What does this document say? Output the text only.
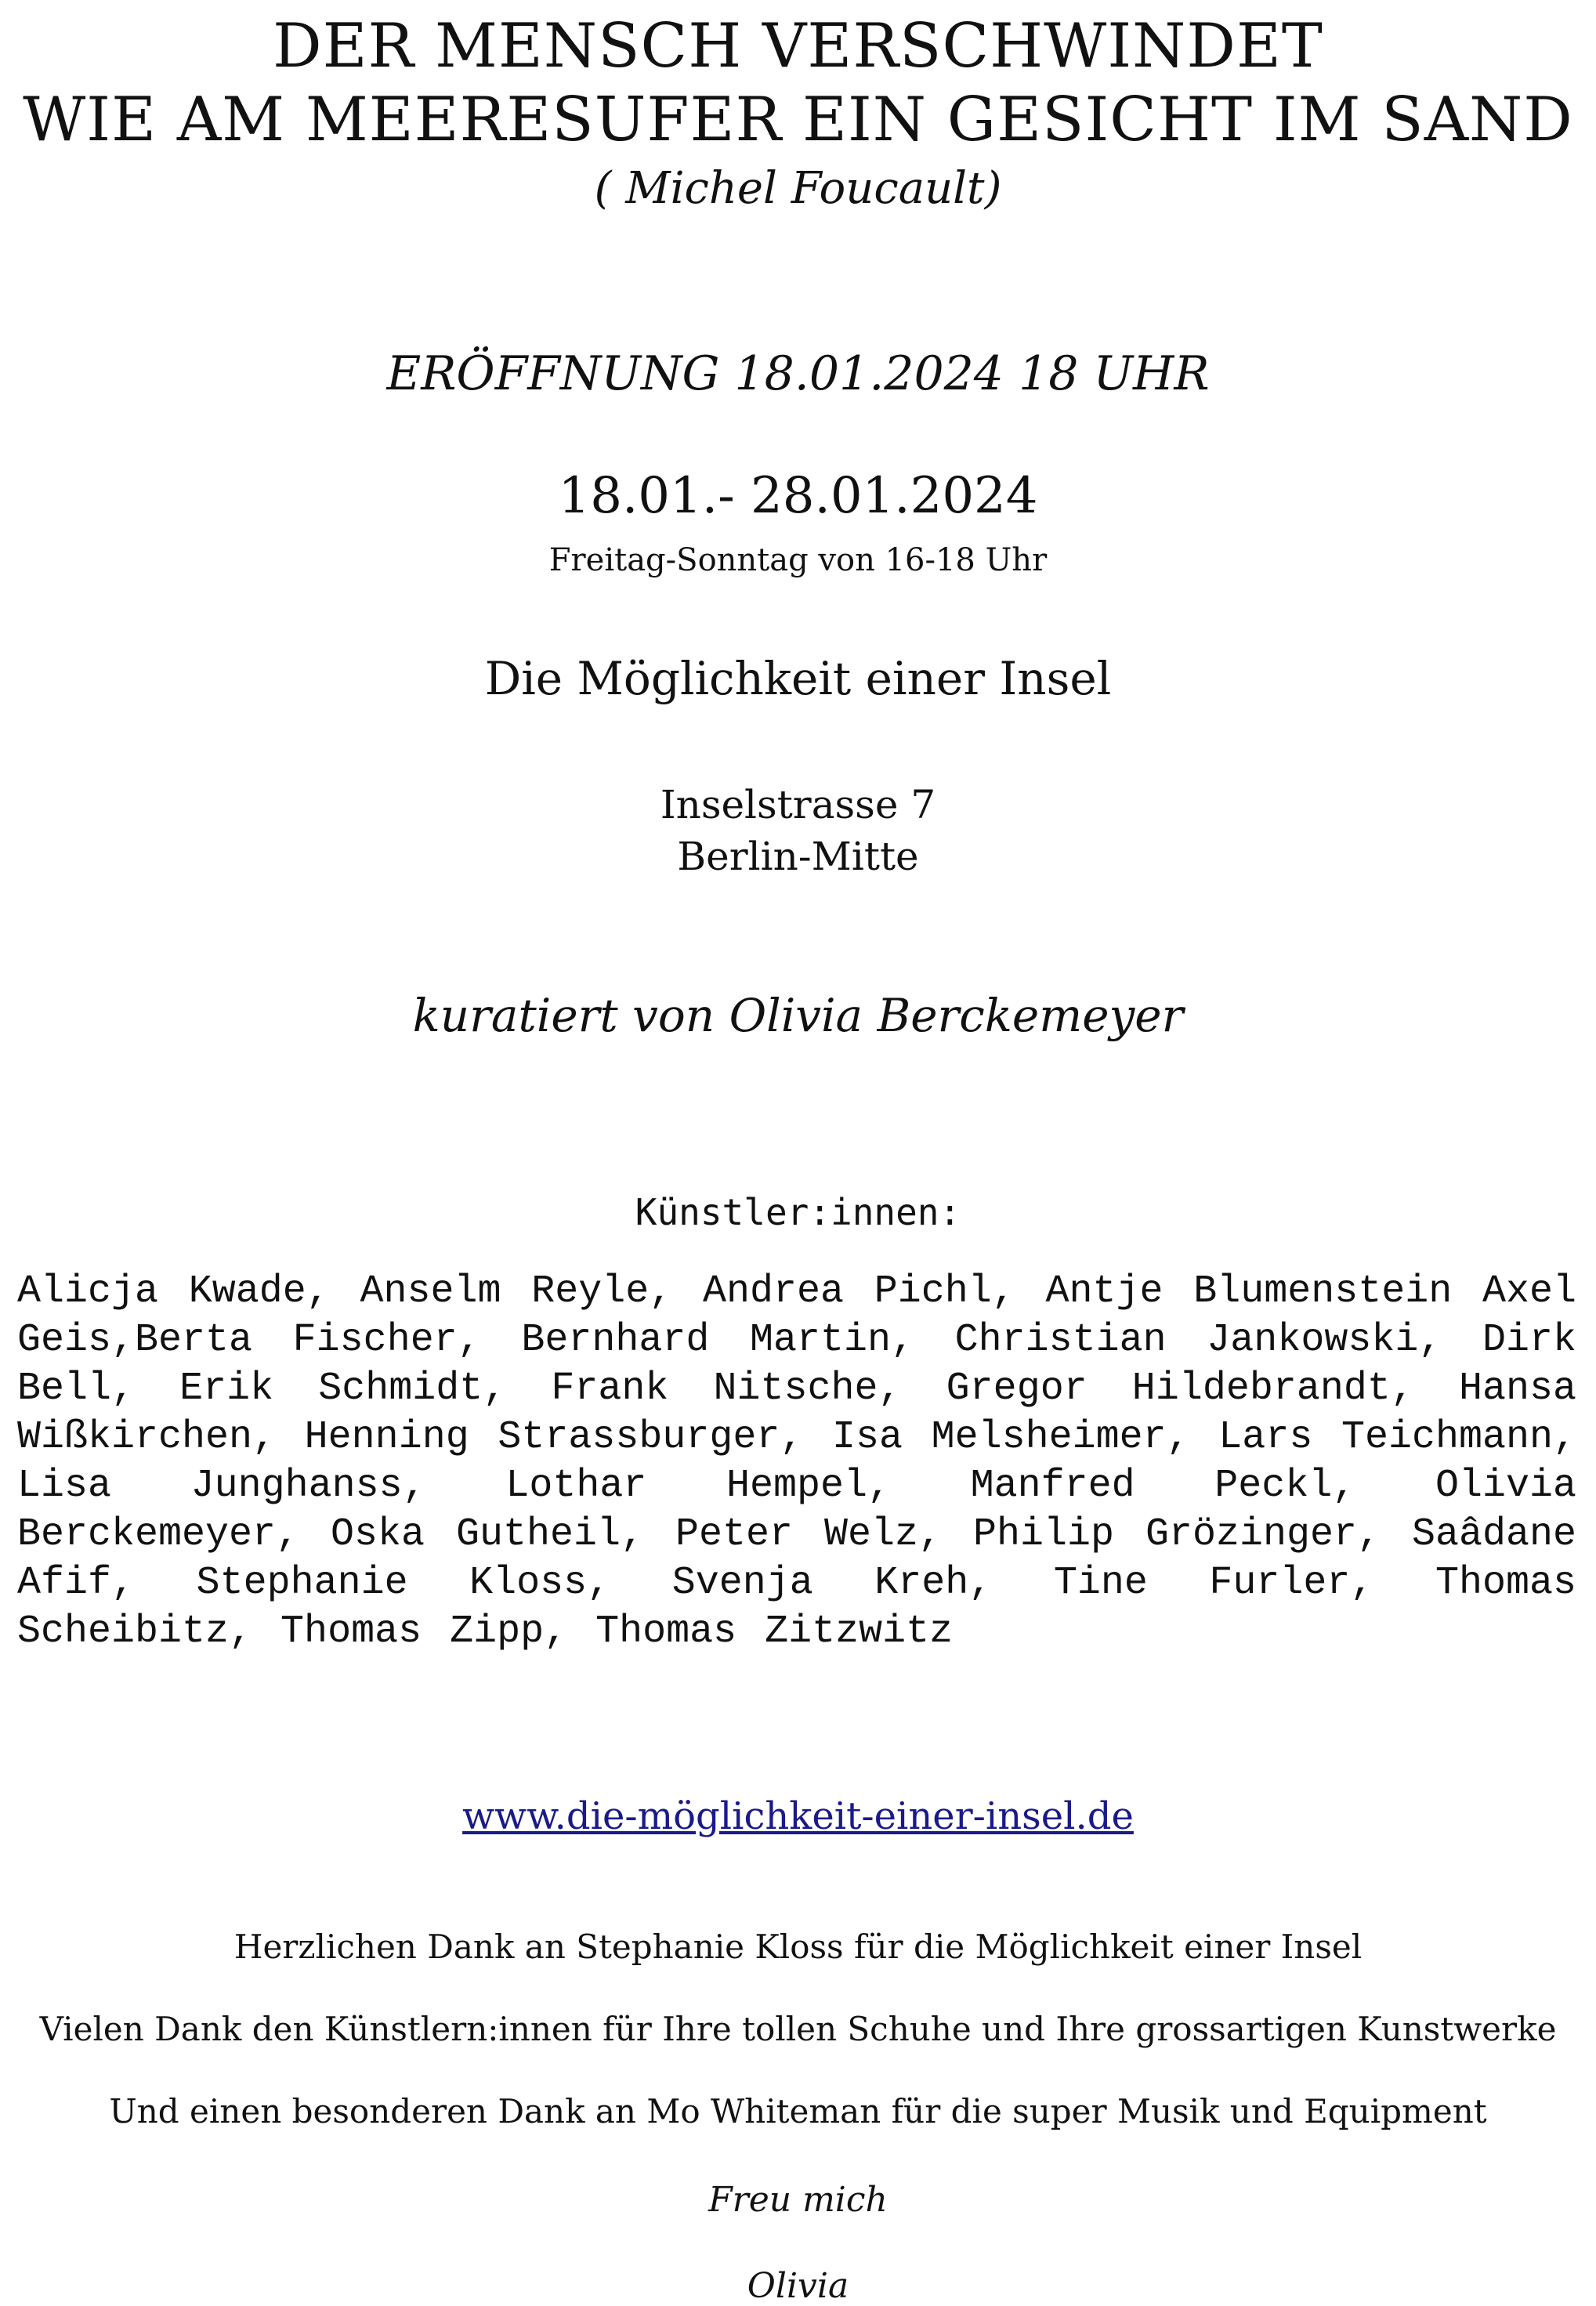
DER MENSCH VERSCHWINDET
WIE AM MEERESUFER EIN GESICHT IM SAND
( Michel Foucault)
ERÖFFNUNG 18.01.2024 18 UHR
18.01.- 28.01.2024
Freitag-Sonntag von 16-18 Uhr
Die Möglichkeit einer Insel
Inselstrasse 7
Berlin-Mitte
kuratiert von Olivia Berckemeyer
Künstler:innen:

Alicja Kwade, Anselm Reyle, Andrea Pichl, Antje Blumenstein Axel Geis,Berta Fischer, Bernhard Martin, Christian Jankowski, Dirk Bell, Erik Schmidt, Frank Nitsche, Gregor Hildebrandt, Hansa Wißkirchen, Henning Strassburger, Isa Melsheimer, Lars Teichmann, Lisa Junghanss, Lothar Hempel, Manfred Peckl, Olivia Berckemeyer, Oska Gutheil, Peter Welz, Philip Grözinger, Saâdane Afif, Stephanie Kloss, Svenja Kreh, Tine Furler, Thomas Scheibitz, Thomas Zipp, Thomas Zitzwitz

www.die-möglichkeit-einer-insel.de
Herzlichen Dank an Stephanie Kloss für die Möglichkeit einer Insel
Vielen Dank den Künstlern:innen für Ihre tollen Schuhe und Ihre grossartigen Kunstwerke
Und einen besonderen Dank an Mo Whiteman für die super Musik und Equipment
Freu mich
Olivia
